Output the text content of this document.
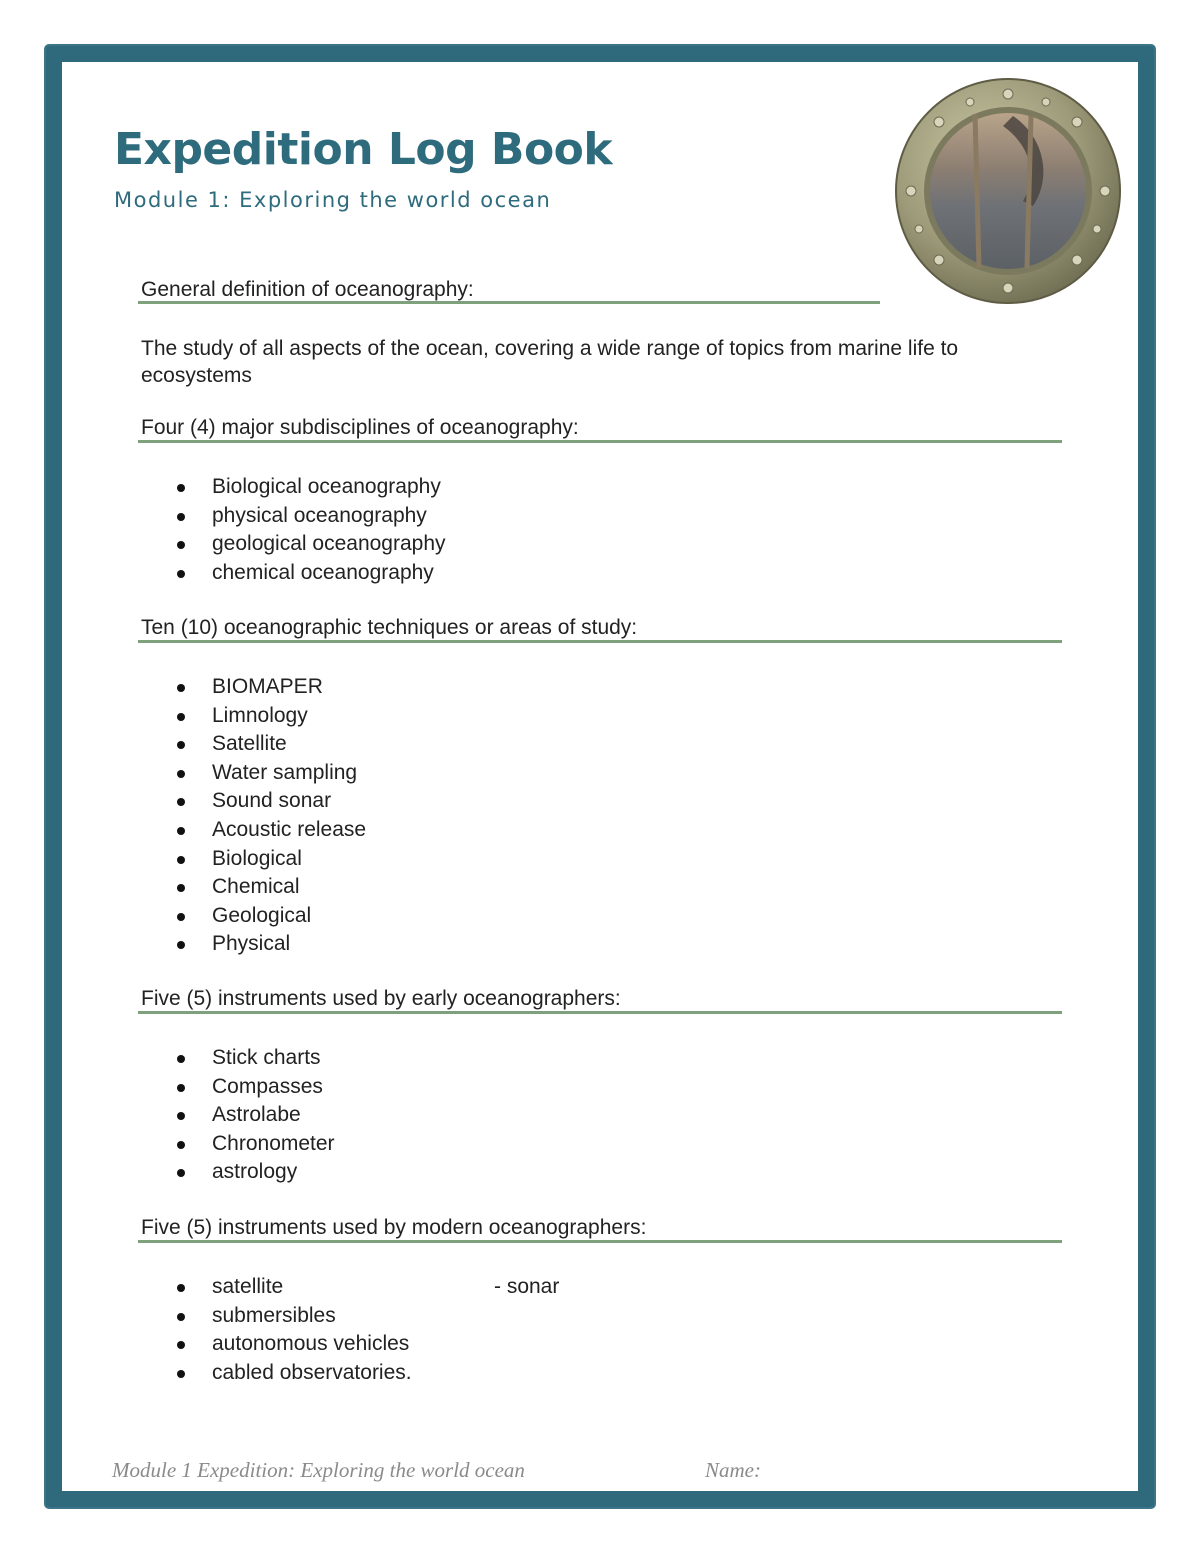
Expedition Log Book

Module 1: Exploring the world ocean

General definition of oceanography:

The study of all aspects of the ocean, covering a wide range of topics from marine life to ecosystems

Four (4) major subdisciplines of oceanography:

Biological oceanography
physical oceanography
geological oceanography
chemical oceanography

Ten (10) oceanographic techniques or areas of study:

BIOMAPER
Limnology
Satellite
Water sampling
Sound sonar
Acoustic release
Biological
Chemical
Geological
Physical

Five (5) instruments used by early oceanographers:

Stick charts
Compasses
Astrolabe
Chronometer
astrology

Five (5) instruments used by modern oceanographers:

satellite
submersibles
autonomous vehicles
cabled observatories.
- sonar
Module 1 Expedition: Exploring the world ocean	Name:
